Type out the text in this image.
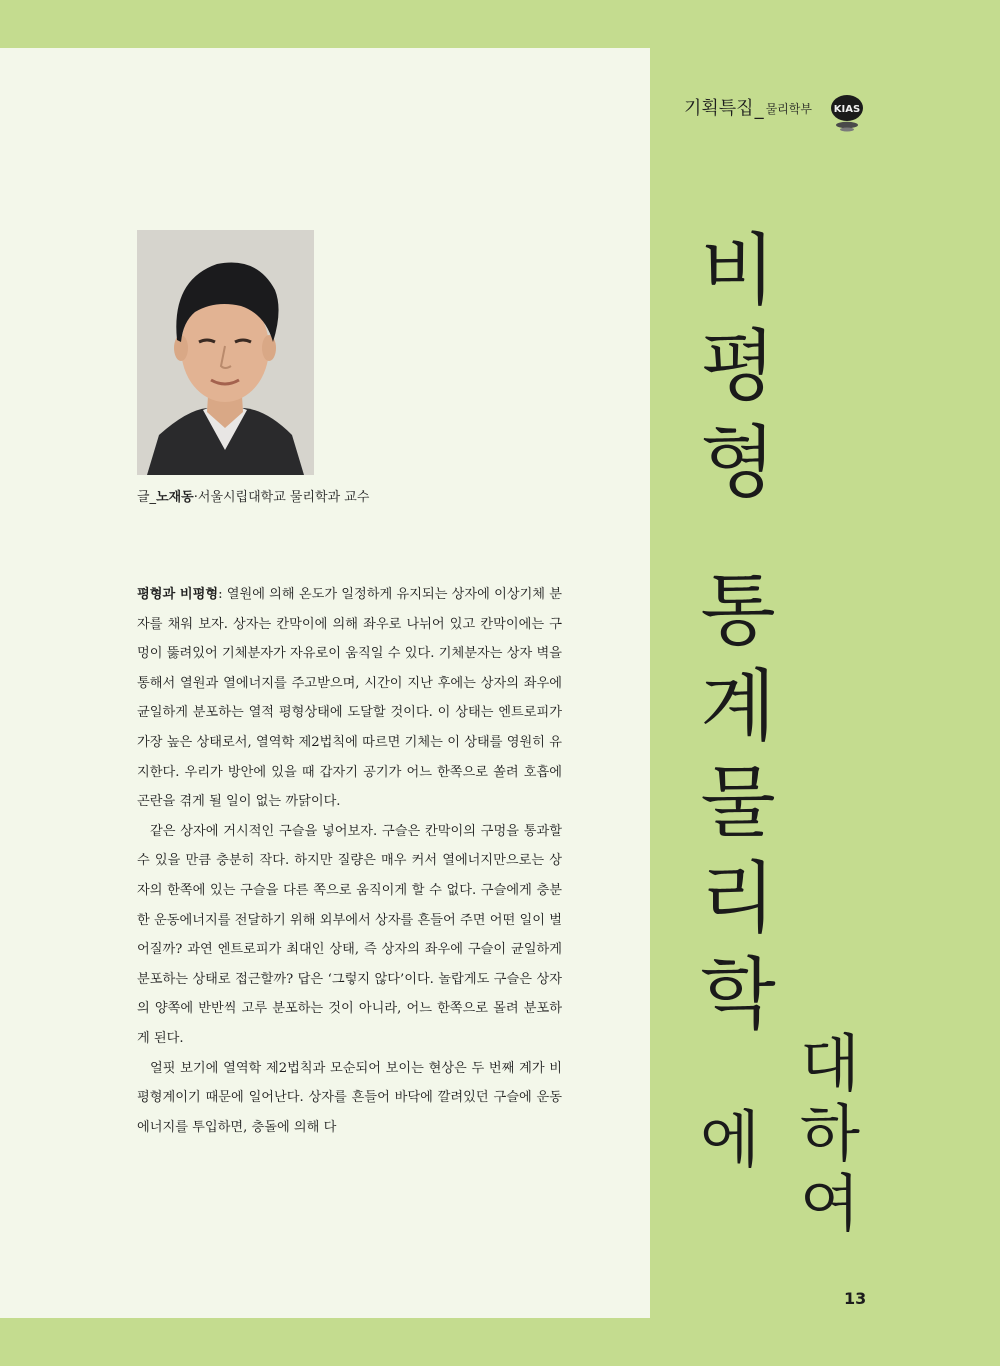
글_노재동·서울시립대학교 물리학과 교수

평형과 비평형: 열원에 의해 온도가 일정하게 유지되는 상자에 이상기체 분자를 채워 보자. 상자는 칸막이에 의해 좌우로 나뉘어 있고 칸막이에는 구멍이 뚫려있어 기체분자가 자유로이 움직일 수 있다. 기체분자는 상자 벽을 통해서 열원과 열에너지를 주고받으며, 시간이 지난 후에는 상자의 좌우에 균일하게 분포하는 열적 평형상태에 도달할 것이다. 이 상태는 엔트로피가 가장 높은 상태로서, 열역학 제2법칙에 따르면 기체는 이 상태를 영원히 유지한다. 우리가 방안에 있을 때 갑자기 공기가 어느 한쪽으로 쏠려 호흡에 곤란을 겪게 될 일이 없는 까닭이다.

같은 상자에 거시적인 구슬을 넣어보자. 구슬은 칸막이의 구멍을 통과할 수 있을 만큼 충분히 작다. 하지만 질량은 매우 커서 열에너지만으로는 상자의 한쪽에 있는 구슬을 다른 쪽으로 움직이게 할 수 없다. 구슬에게 충분한 운동에너지를 전달하기 위해 외부에서 상자를 흔들어 주면 어떤 일이 벌어질까? 과연 엔트로피가 최대인 상태, 즉 상자의 좌우에 구슬이 균일하게 분포하는 상태로 접근할까? 답은 ‘그렇지 않다’이다. 놀랍게도 구슬은 상자의 양쪽에 반반씩 고루 분포하는 것이 아니라, 어느 한쪽으로 몰려 분포하게 된다.

얼핏 보기에 열역학 제2법칙과 모순되어 보이는 현상은 두 번째 계가 비평형계이기 때문에 일어난다. 상자를 흔들어 바닥에 깔려있던 구슬에 운동에너지를 투입하면, 충돌에 의해 다

기획특집 _ 물리학부 KIAS
비
평
형
통
계
물
리
학
에
대
하
여
13
